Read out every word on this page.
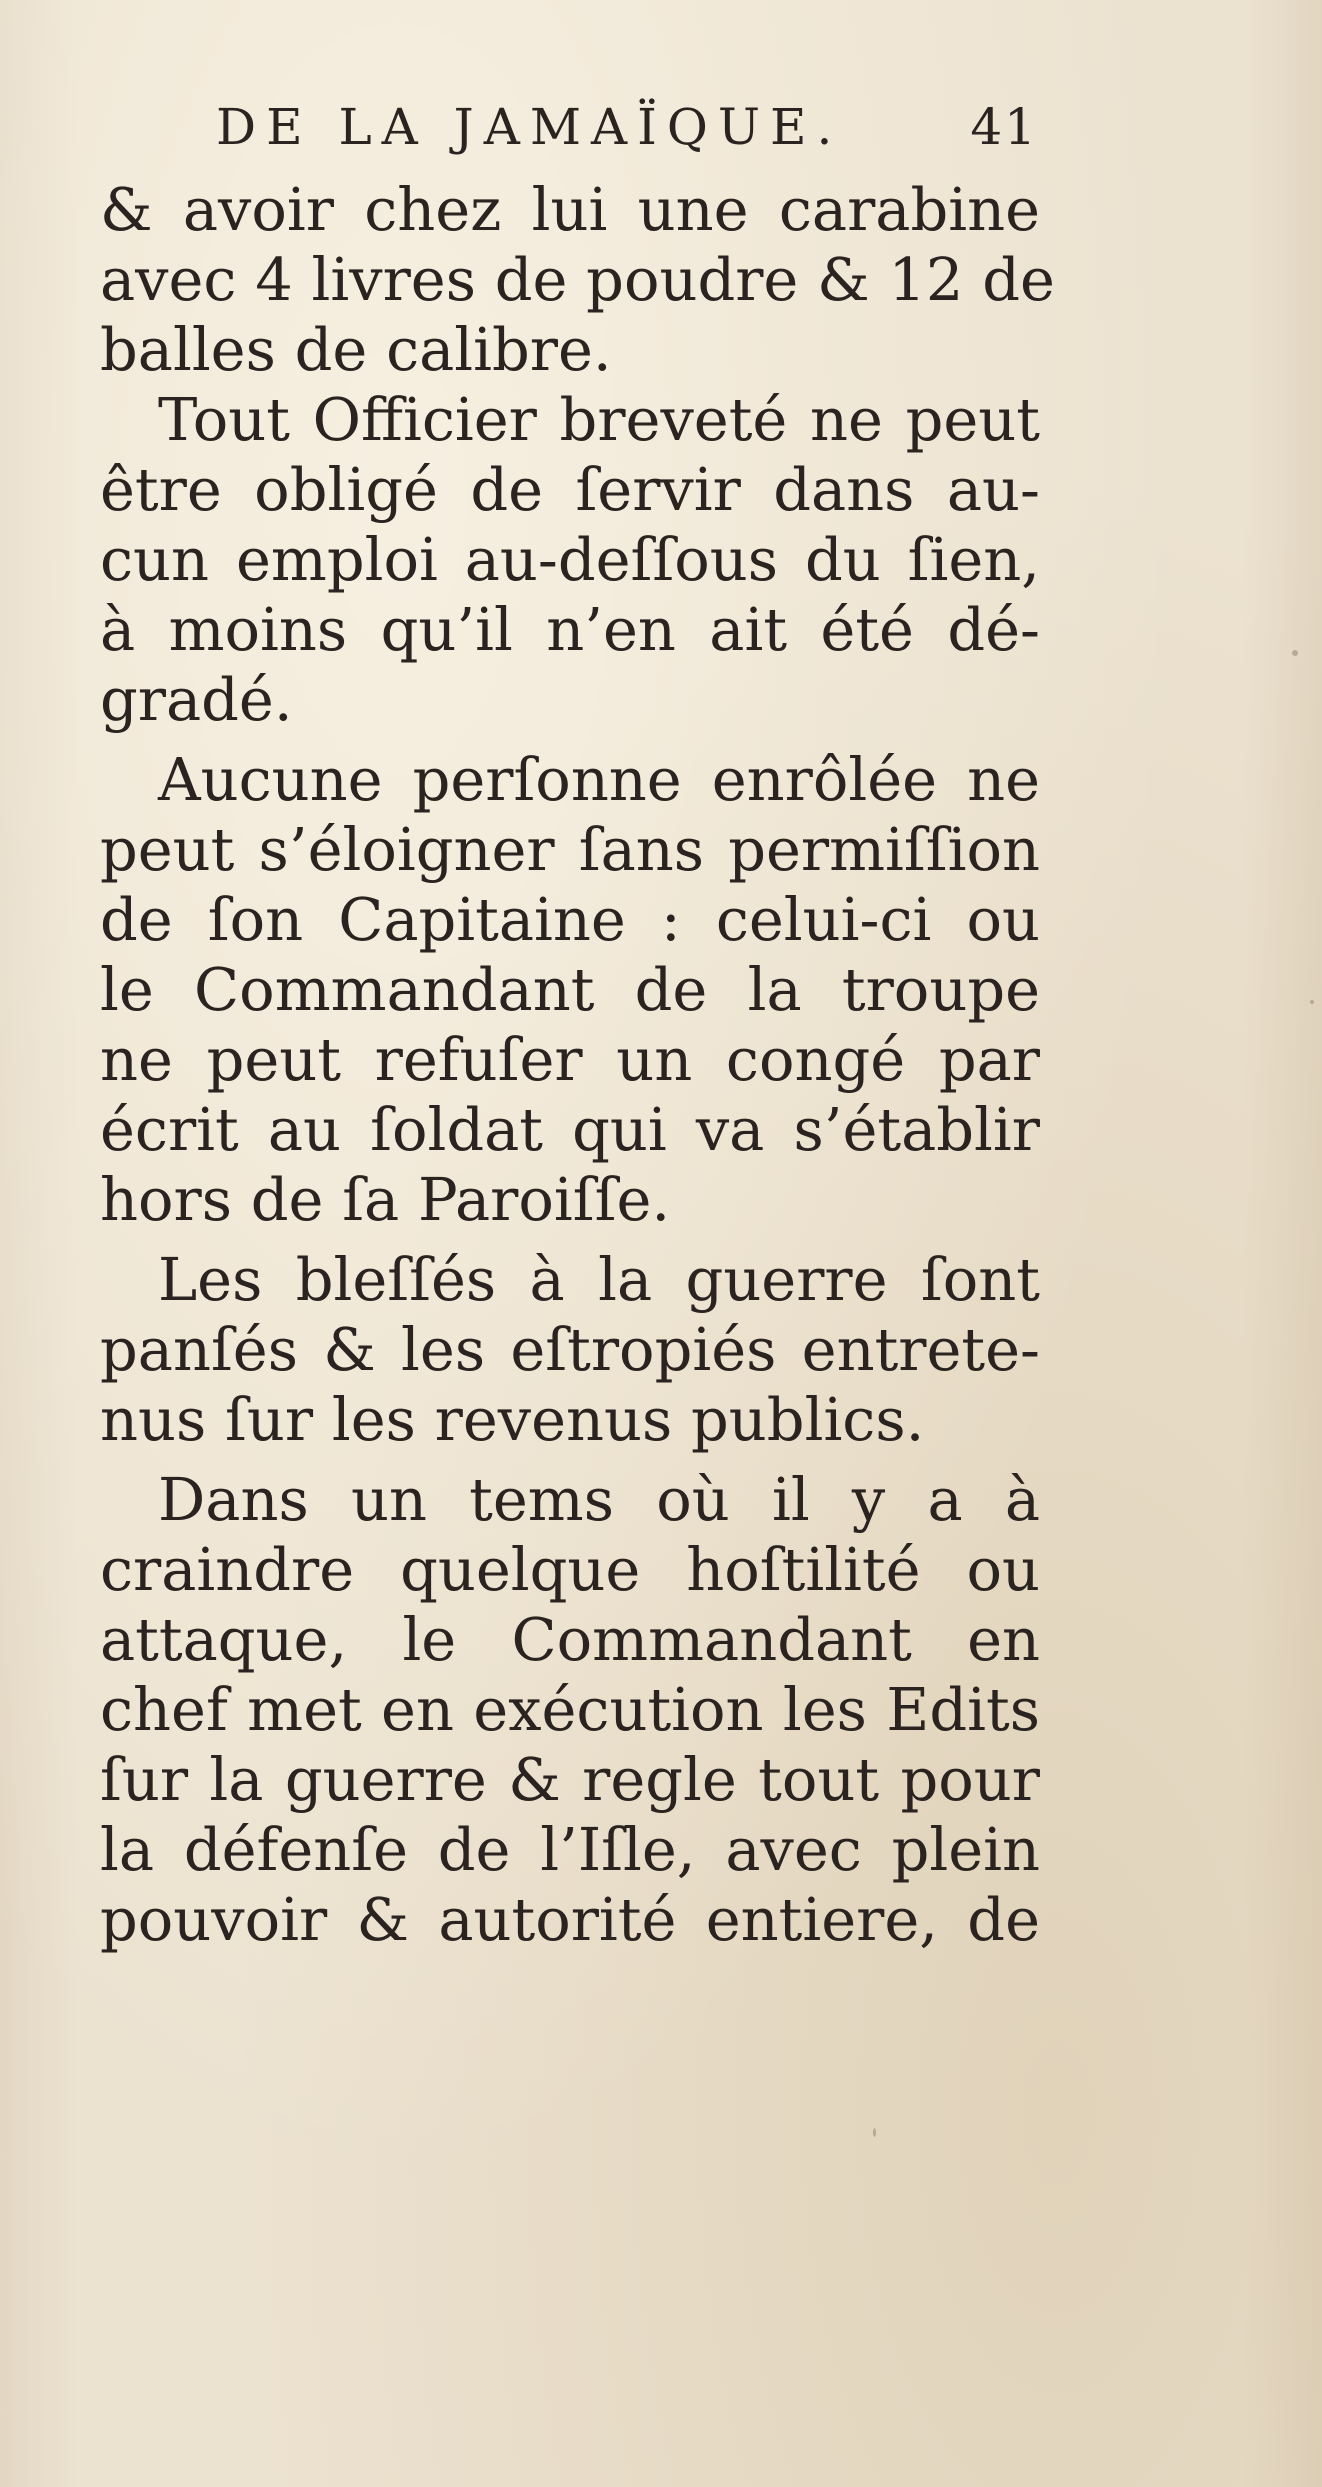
DE LA JAMAÏQUE.	41
& avoir chez lui une carabine
avec 4 livres de poudre & 12 de
balles de calibre.
Tout Officier breveté ne peut
être obligé de ſervir dans au-
cun emploi au-deſſous du ſien,
à moins qu’il n’en ait été dé-
gradé.
Aucune perſonne enrôlée ne
peut s’éloigner ſans permiſſion
de ſon Capitaine : celui-ci ou
le Commandant de la troupe
ne peut refuſer un congé par
écrit au ſoldat qui va s’établir
hors de ſa Paroiſſe.
Les bleſſés à la guerre ſont
panſés & les eſtropiés entrete-
nus ſur les revenus publics.
Dans un tems où il y a à
craindre quelque hoſtilité ou
attaque, le Commandant en
chef met en exécution les Edits
ſur la guerre & regle tout pour
la défenſe de l’Iſle, avec plein
pouvoir & autorité entiere, de
